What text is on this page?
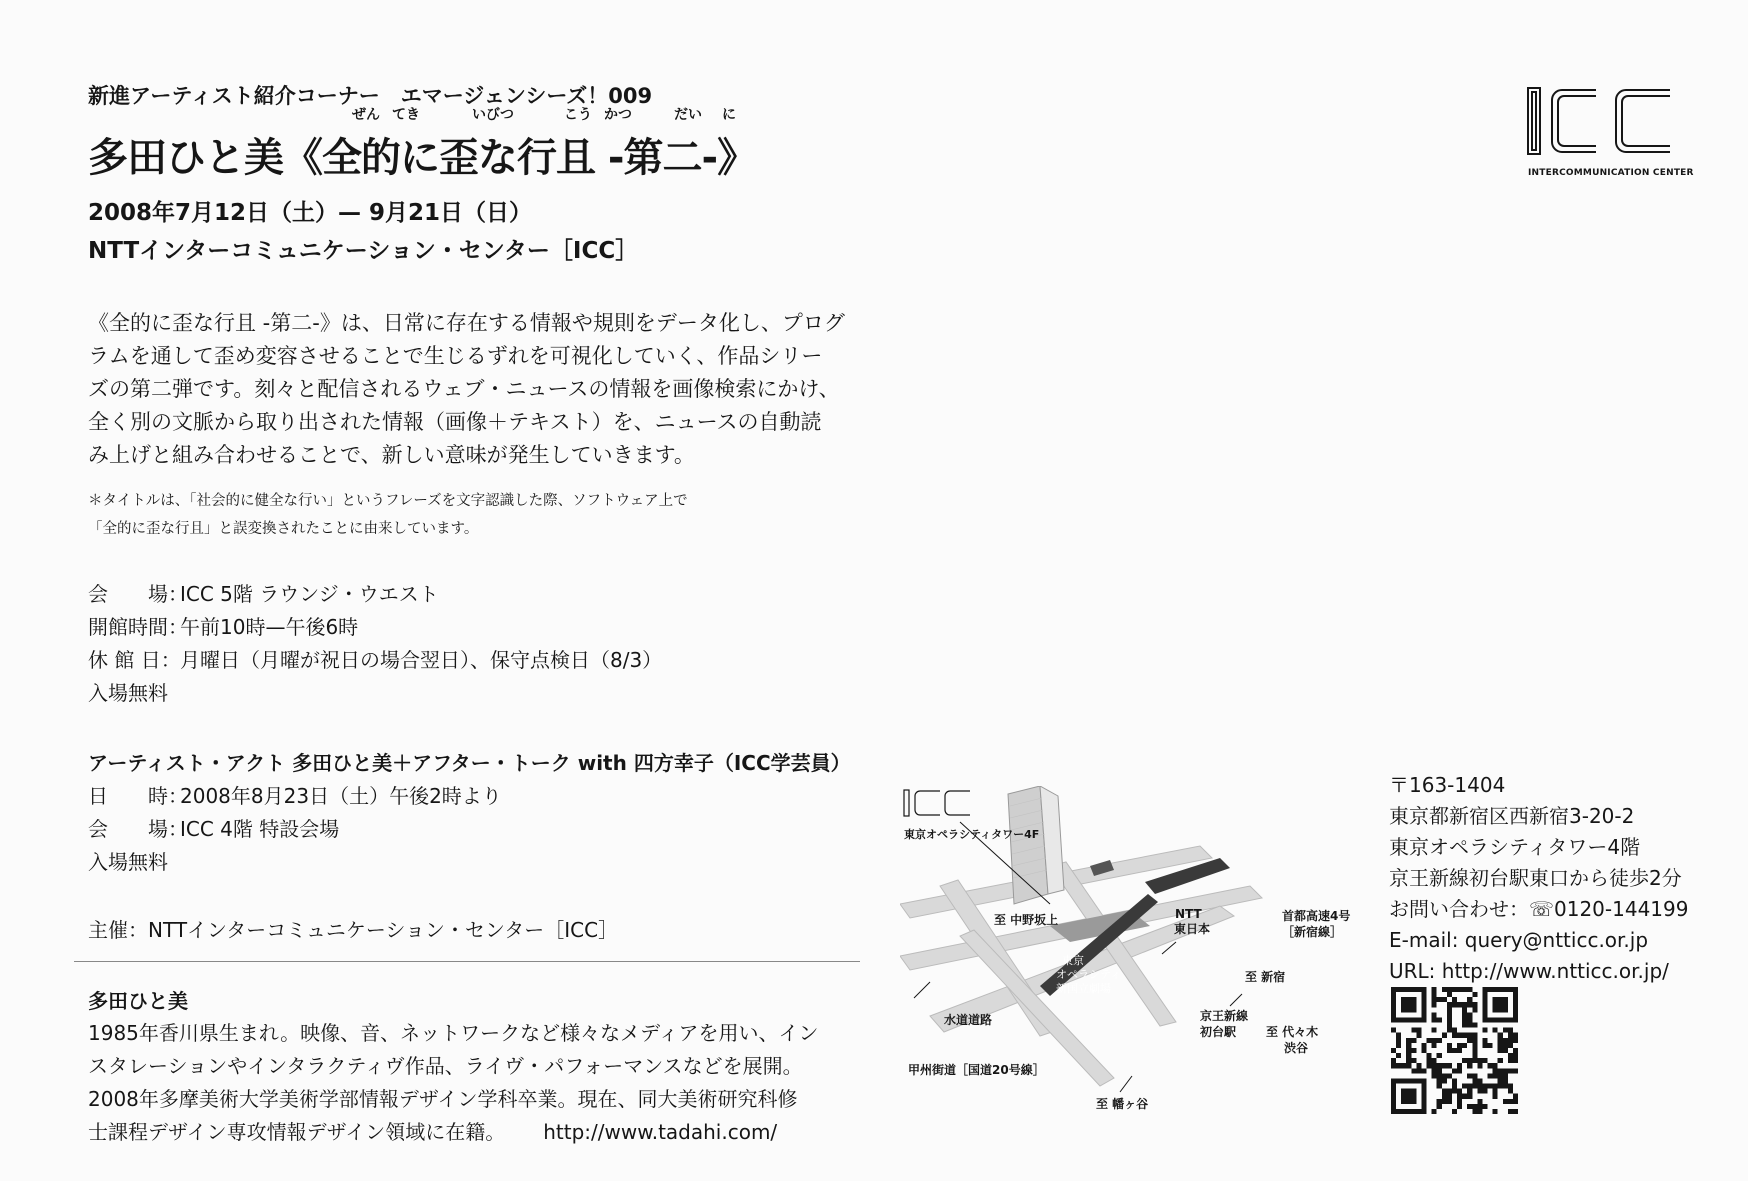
新進アーティスト紹介コーナー　エマージェンシーズ！009
ぜん てき	いびつ	こう かつ	だい に
多田ひと美《全的に歪な行且 -第二-》
2008年7月12日（土）— 9月21日（日）
NTTインターコミュニケーション・センター［ICC］
《全的に歪な行且 -第二-》は、日常に存在する情報や規則をデータ化し、プログ
ラムを通して歪め変容させることで生じるずれを可視化していく、作品シリー
ズの第二弾です。刻々と配信されるウェブ・ニュースの情報を画像検索にかけ、
全く別の文脈から取り出された情報（画像＋テキスト）を、ニュースの自動読
み上げと組み合わせることで、新しい意味が発生していきます。
＊タイトルは、「社会的に健全な行い」というフレーズを文字認識した際、ソフトウェア上で
「全的に歪な行且」と誤変換されたことに由来しています。
会　　場：
ICC 5階 ラウンジ・ウエスト
開館時間：
午前10時—午後6時
休 館 日： 月曜日（月曜が祝日の場合翌日）、保守点検日（8/3）
入場無料
アーティスト・アクト 多田ひと美＋アフター・トーク with 四方幸子（ICC学芸員）
日　　時：
2008年8月23日（土）午後2時より
会　　場：
ICC 4階 特設会場
入場無料
主催：NTTインターコミュニケーション・センター［ICC］
多田ひと美
1985年香川県生まれ。映像、音、ネットワークなど様々なメディアを用い、イン
スタレーションやインタラクティヴ作品、ライヴ・パフォーマンスなどを展開。
2008年多摩美術大学美術学部情報デザイン学科卒業。現在、同大美術研究科修
士課程デザイン専攻情報デザイン領域に在籍。 http://www.tadahi.com/
INTERCOMMUNICATION CENTER
東京オペラシティタワー4F
至 中野坂上	NTT
東日本
首都高速4号
［新宿線］
東京
オペラシティ
新国立劇場
至 新宿
水道道路	京王新線
初台駅 至 代々木
渋谷
甲州街道［国道20号線］
至 幡ヶ谷
〒163-1404
東京都新宿区西新宿3-20-2
東京オペラシティタワー4階
京王新線初台駅東口から徒歩2分
お問い合わせ：☏0120-144199
E-mail: query@ntticc.or.jp
URL: http://www.ntticc.or.jp/
